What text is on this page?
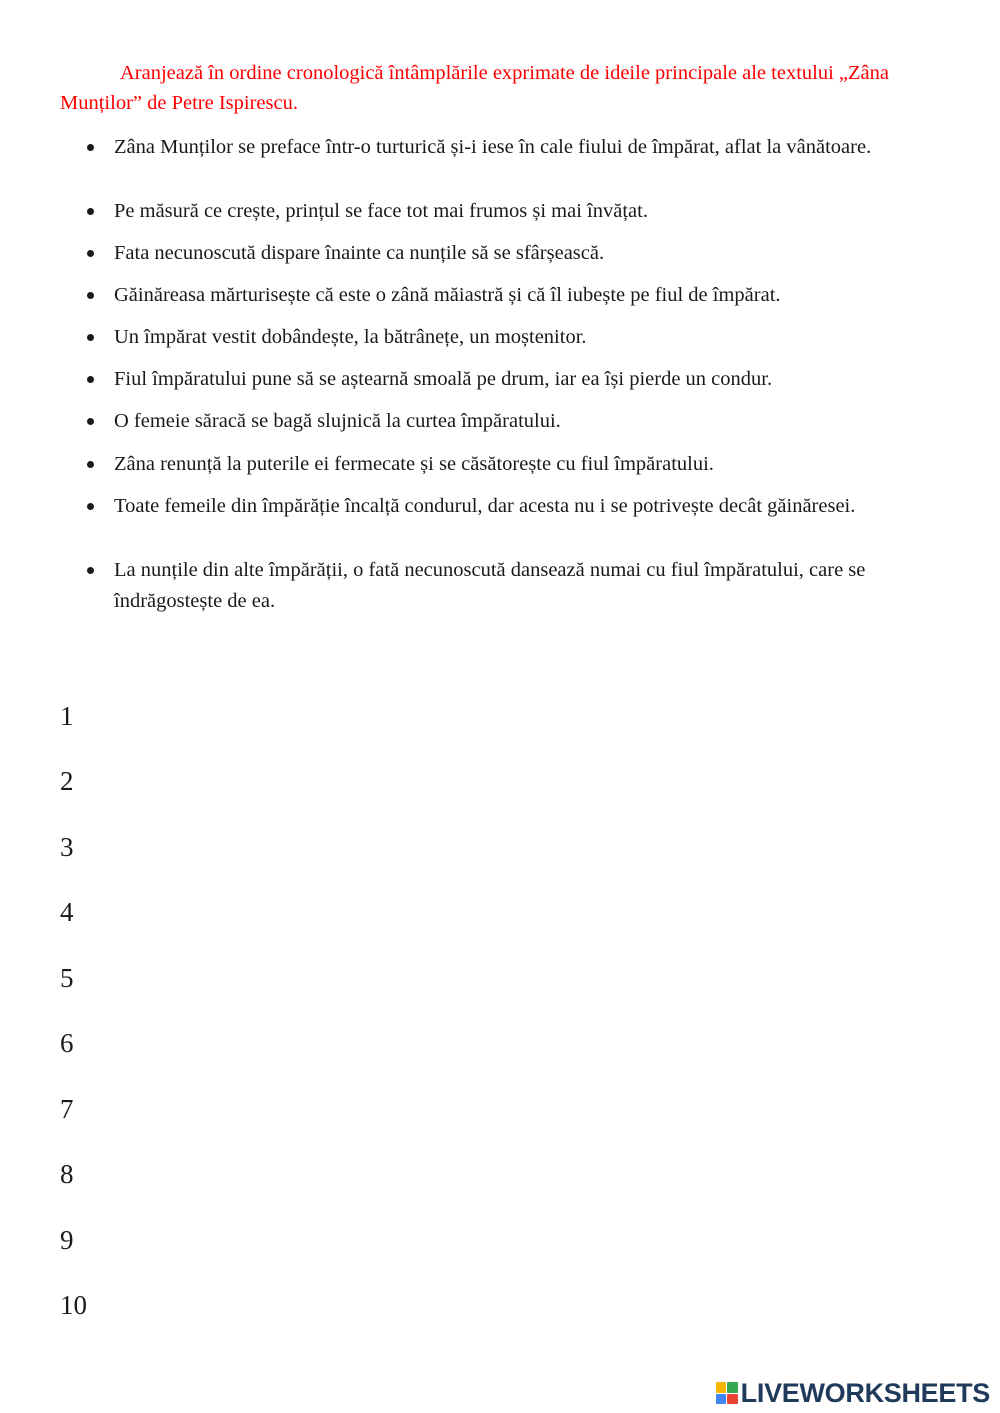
Aranjează în ordine cronologică întâmplările exprimate de ideile principale ale textului „Zâna Munților” de Petre Ispirescu.

Zâna Munților se preface într-o turturică și-i iese în cale fiului de împărat, aflat la vânătoare.
Pe măsură ce crește, prințul se face tot mai frumos și mai învățat.
Fata necunoscută dispare înainte ca nunțile să se sfârșească.
Găinăreasa mărturisește că este o zână măiastră și că îl iubește pe fiul de împărat.
Un împărat vestit dobândește, la bătrânețe, un moștenitor.
Fiul împăratului pune să se aștearnă smoală pe drum, iar ea își pierde un condur.
O femeie săracă se bagă slujnică la curtea împăratului.
Zâna renunță la puterile ei fermecate și se căsătorește cu fiul împăratului.
Toate femeile din împărăție încalță condurul, dar acesta nu i se potrivește decât găinăresei.
La nunțile din alte împărății, o fată necunoscută dansează numai cu fiul împăratului, care se îndrăgostește de ea.
1
2
3
4
5
6
7
8
9
10
LIVEWORKSHEETS
